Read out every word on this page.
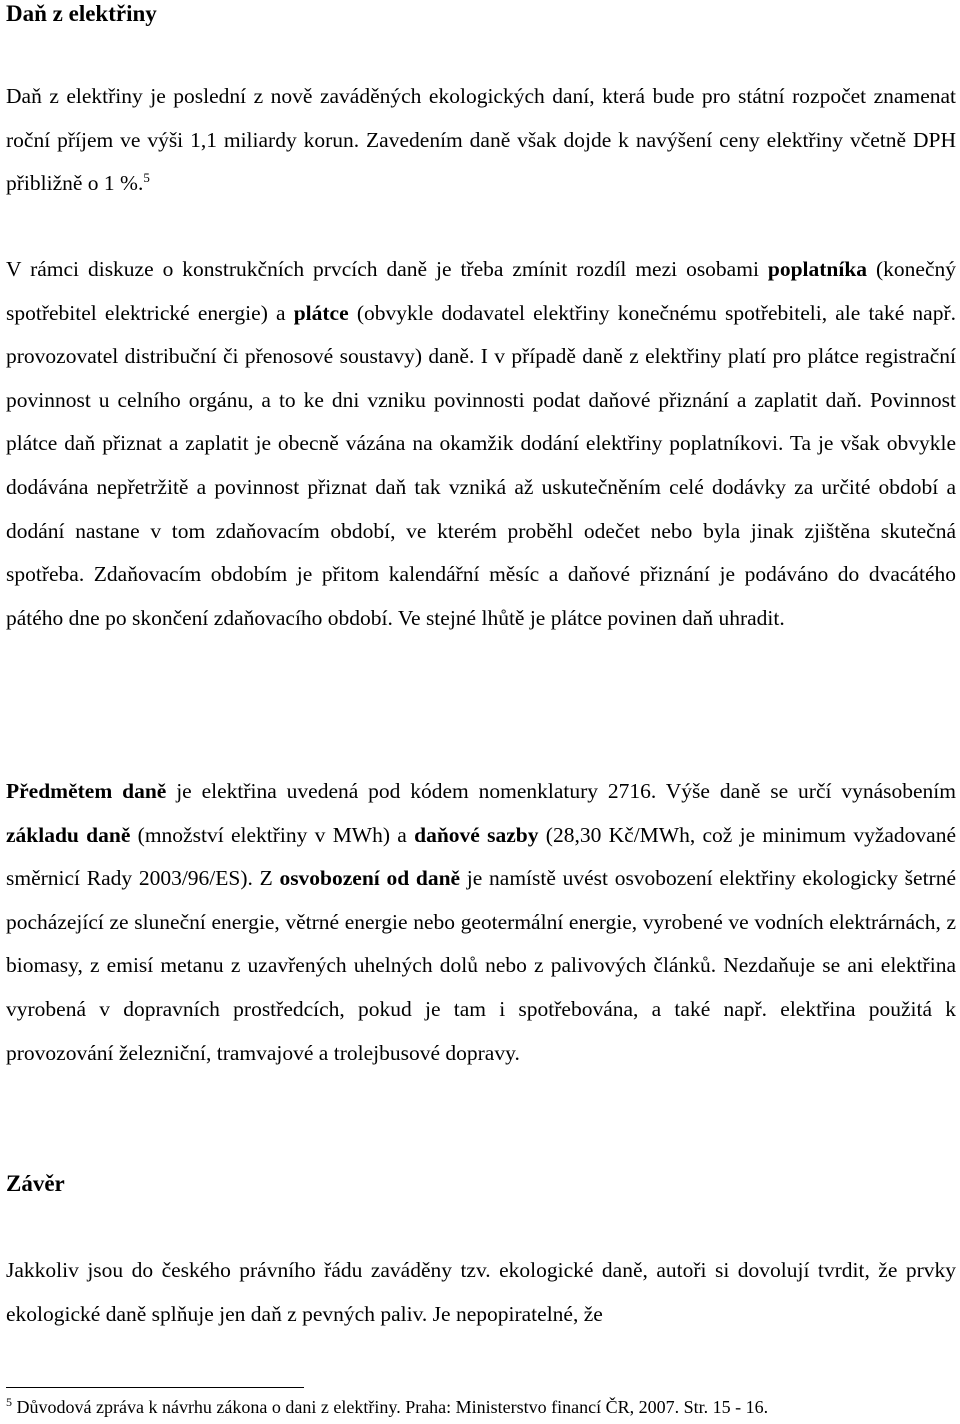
Daň z elektřiny

Daň z elektřiny je poslední z nově zaváděných ekologických daní, která bude pro státní rozpočet znamenat roční příjem ve výši 1,1 miliardy korun. Zavedením daně však dojde k navýšení ceny elektřiny včetně DPH přibližně o 1 %.$^5$

V rámci diskuze o konstrukčních prvcích daně je třeba zmínit rozdíl mezi osobami poplatníka (konečný spotřebitel elektrické energie) a plátce (obvykle dodavatel elektřiny konečnému spotřebiteli, ale také např. provozovatel distribuční či přenosové soustavy) daně. I v případě daně z elektřiny platí pro plátce registrační povinnost u celního orgánu, a to ke dni vzniku povinnosti podat daňové přiznání a zaplatit daň. Povinnost plátce daň přiznat a zaplatit je obecně vázána na okamžik dodání elektřiny poplatníkovi. Ta je však obvykle dodávána nepřetržitě a povinnost přiznat daň tak vzniká až uskutečněním celé dodávky za určité období a dodání nastane v tom zdaňovacím období, ve kterém proběhl odečet nebo byla jinak zjištěna skutečná spotřeba. Zdaňovacím obdobím je přitom kalendářní měsíc a daňové přiznání je podáváno do dvacátého pátého dne po skončení zdaňovacího období. Ve stejné lhůtě je plátce povinen daň uhradit.

Předmětem daně je elektřina uvedená pod kódem nomenklatury 2716. Výše daně se určí vynásobením základu daně (množství elektřiny v MWh) a daňové sazby (28,30 Kč/MWh, což je minimum vyžadované směrnicí Rady 2003/96/ES). Z osvobození od daně je namístě uvést osvobození elektřiny ekologicky šetrné pocházející ze sluneční energie, větrné energie nebo geotermální energie, vyrobené ve vodních elektrárnách, z biomasy, z emisí metanu z uzavřených uhelných dolů nebo z palivových článků. Nezdaňuje se ani elektřina vyrobená v dopravních prostředcích, pokud je tam i spotřebována, a také např. elektřina použitá k provozování železniční, tramvajové a trolejbusové dopravy.

Závěr

Jakkoliv jsou do českého právního řádu zaváděny tzv. ekologické daně, autoři si dovolují tvrdit, že prvky ekologické daně splňuje jen daň z pevných paliv. Je nepopiratelné, že

$^5$ Důvodová zpráva k návrhu zákona o dani z elektřiny. Praha: Ministerstvo financí ČR, 2007. Str. 15 - 16.
